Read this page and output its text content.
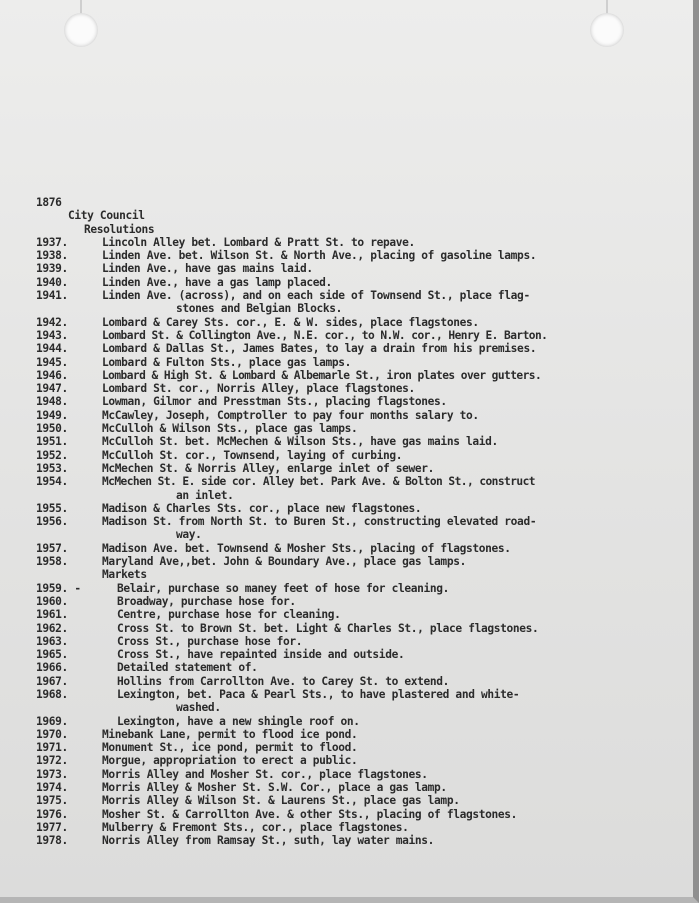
1876
City Council
Resolutions
1937.	Lincoln Alley bet. Lombard & Pratt St. to repave.
1938.	Linden Ave. bet. Wilson St. & North Ave., placing of gasoline lamps.
1939.	Linden Ave., have gas mains laid.
1940.	Linden Ave., have a gas lamp placed.
1941.	Linden Ave. (across), and on each side of Townsend St., place flag-
stones and Belgian Blocks.
1942.	Lombard & Carey Sts. cor., E. & W. sides, place flagstones.
1943.	Lombard St. & Collington Ave., N.E. cor., to N.W. cor., Henry E. Barton.
1944.	Lombard & Dallas St., James Bates, to lay a drain from his premises.
1945.	Lombard & Fulton Sts., place gas lamps.
1946.	Lombard & High St. & Lombard & Albemarle St., iron plates over gutters.
1947.	Lombard St. cor., Norris Alley, place flagstones.
1948.	Lowman, Gilmor and Presstman Sts., placing flagstones.
1949.	McCawley, Joseph, Comptroller to pay four months salary to.
1950.	McCulloh & Wilson Sts., place gas lamps.
1951.	McCulloh St. bet. McMechen & Wilson Sts., have gas mains laid.
1952.	McCulloh St. cor., Townsend, laying of curbing.
1953.	McMechen St. & Norris Alley, enlarge inlet of sewer.
1954.	McMechen St. E. side cor. Alley bet. Park Ave. & Bolton St., construct
an inlet.
1955.	Madison & Charles Sts. cor., place new flagstones.
1956.	Madison St. from North St. to Buren St., constructing elevated road-
way.
1957.	Madison Ave. bet. Townsend & Mosher Sts., placing of flagstones.
1958.	Maryland Ave,,bet. John & Boundary Ave., place gas lamps.
Markets
1959. -	Belair, purchase so maney feet of hose for cleaning.
1960.	Broadway, purchase hose for.
1961.	Centre, purchase hose for cleaning.
1962.	Cross St. to Brown St. bet. Light & Charles St., place flagstones.
1963.	Cross St., purchase hose for.
1965.	Cross St., have repainted inside and outside.
1966.	Detailed statement of.
1967.	Hollins from Carrollton Ave. to Carey St. to extend.
1968.	Lexington, bet. Paca & Pearl Sts., to have plastered and white-
washed.
1969.	Lexington, have a new shingle roof on.
1970.	Minebank Lane, permit to flood ice pond.
1971.	Monument St., ice pond, permit to flood.
1972.	Morgue, appropriation to erect a public.
1973.	Morris Alley and Mosher St. cor., place flagstones.
1974.	Morris Alley & Mosher St. S.W. Cor., place a gas lamp.
1975.	Morris Alley & Wilson St. & Laurens St., place gas lamp.
1976.	Mosher St. & Carrollton Ave. & other Sts., placing of flagstones.
1977.	Mulberry & Fremont Sts., cor., place flagstones.
1978.	Norris Alley from Ramsay St., suth, lay water mains.
